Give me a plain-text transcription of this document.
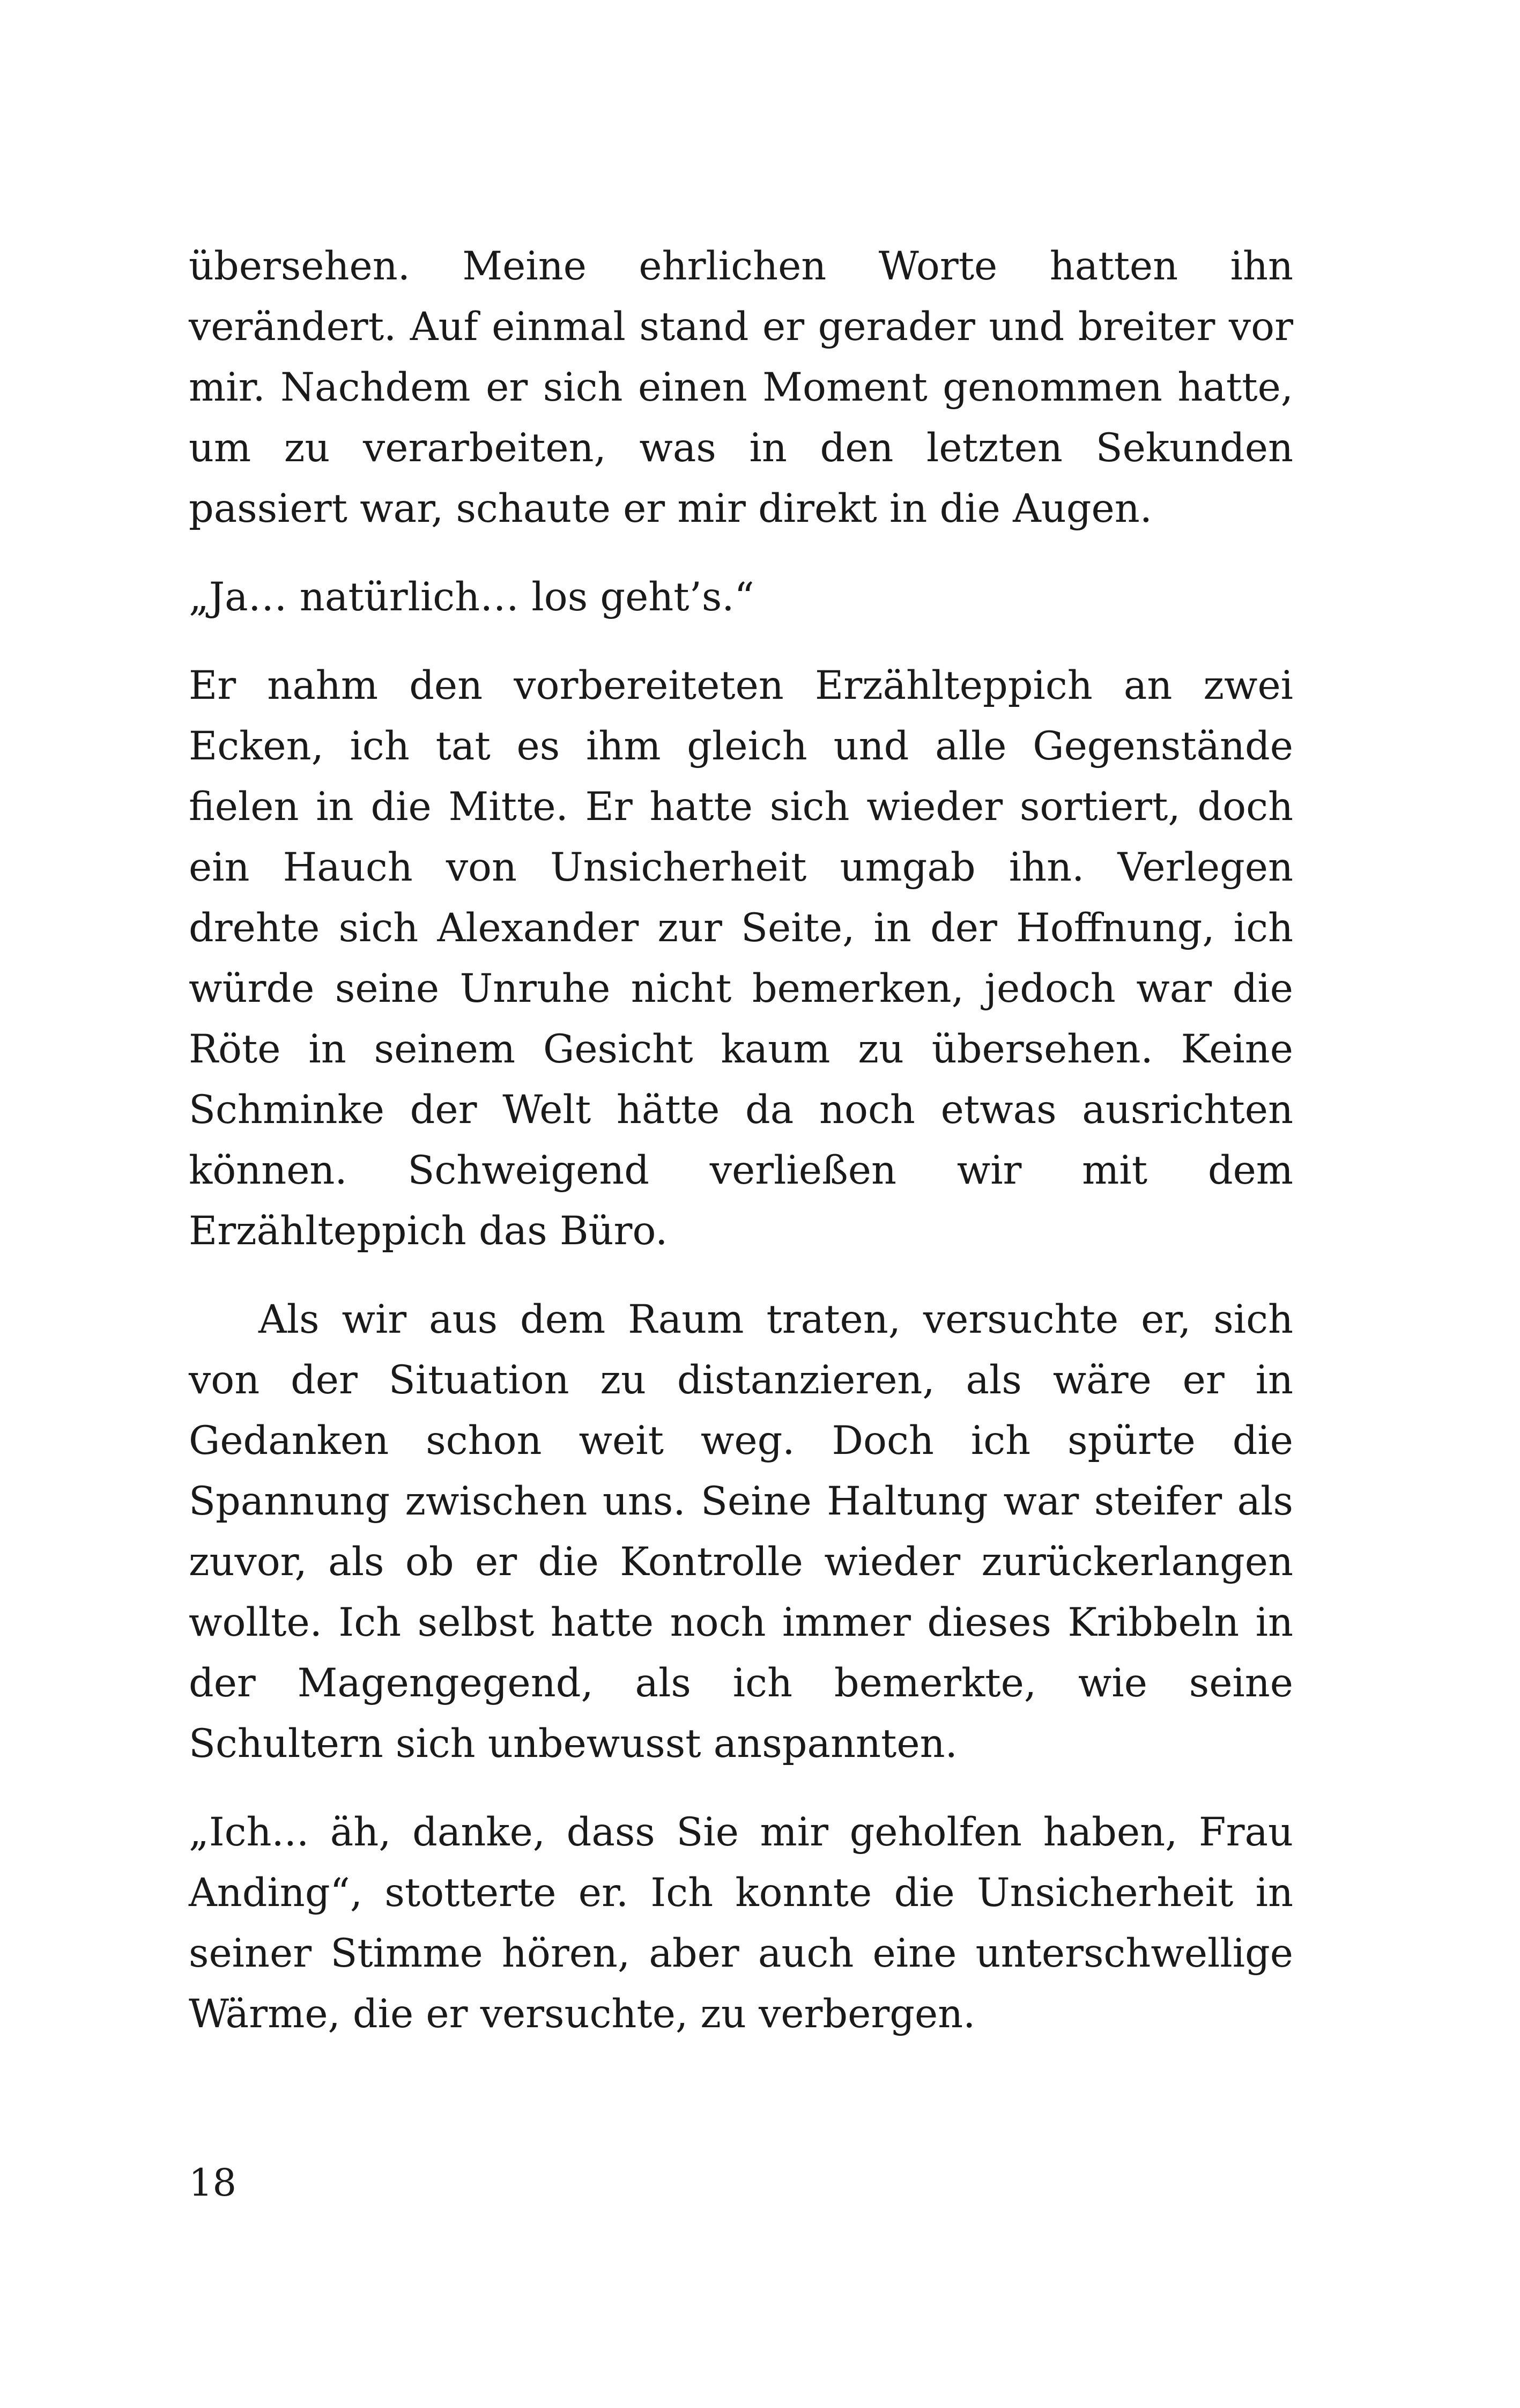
übersehen. Meine ehrlichen Worte hatten ihn verändert. Auf einmal stand er gerader und breiter vor mir. Nachdem er sich einen Moment genommen hatte, um zu verarbeiten, was in den letzten Sekunden passiert war, schaute er mir direkt in die Augen.

„Ja… natürlich… los geht’s.“

Er nahm den vorbereiteten Erzählteppich an zwei Ecken, ich tat es ihm gleich und alle Gegenstände fielen in die Mitte. Er hatte sich wieder sortiert, doch ein Hauch von Unsicherheit umgab ihn. Verlegen drehte sich Alexander zur Seite, in der Hoffnung, ich würde seine Unruhe nicht bemerken, jedoch war die Röte in seinem Gesicht kaum zu übersehen. Keine Schminke der Welt hätte da noch etwas ausrichten können. Schweigend verließen wir mit dem Erzählteppich das Büro.

Als wir aus dem Raum traten, versuchte er, sich von der Situation zu distanzieren, als wäre er in Gedanken schon weit weg. Doch ich spürte die Spannung zwischen uns. Seine Haltung war steifer als zuvor, als ob er die Kontrolle wieder zurückerlangen wollte. Ich selbst hatte noch immer dieses Kribbeln in der Magengegend, als ich bemerkte, wie seine Schultern sich unbewusst anspannten.

„Ich... äh, danke, dass Sie mir geholfen haben, Frau Anding“, stotterte er. Ich konnte die Unsicherheit in seiner Stimme hören, aber auch eine unterschwellige Wärme, die er versuchte, zu verbergen.

18
